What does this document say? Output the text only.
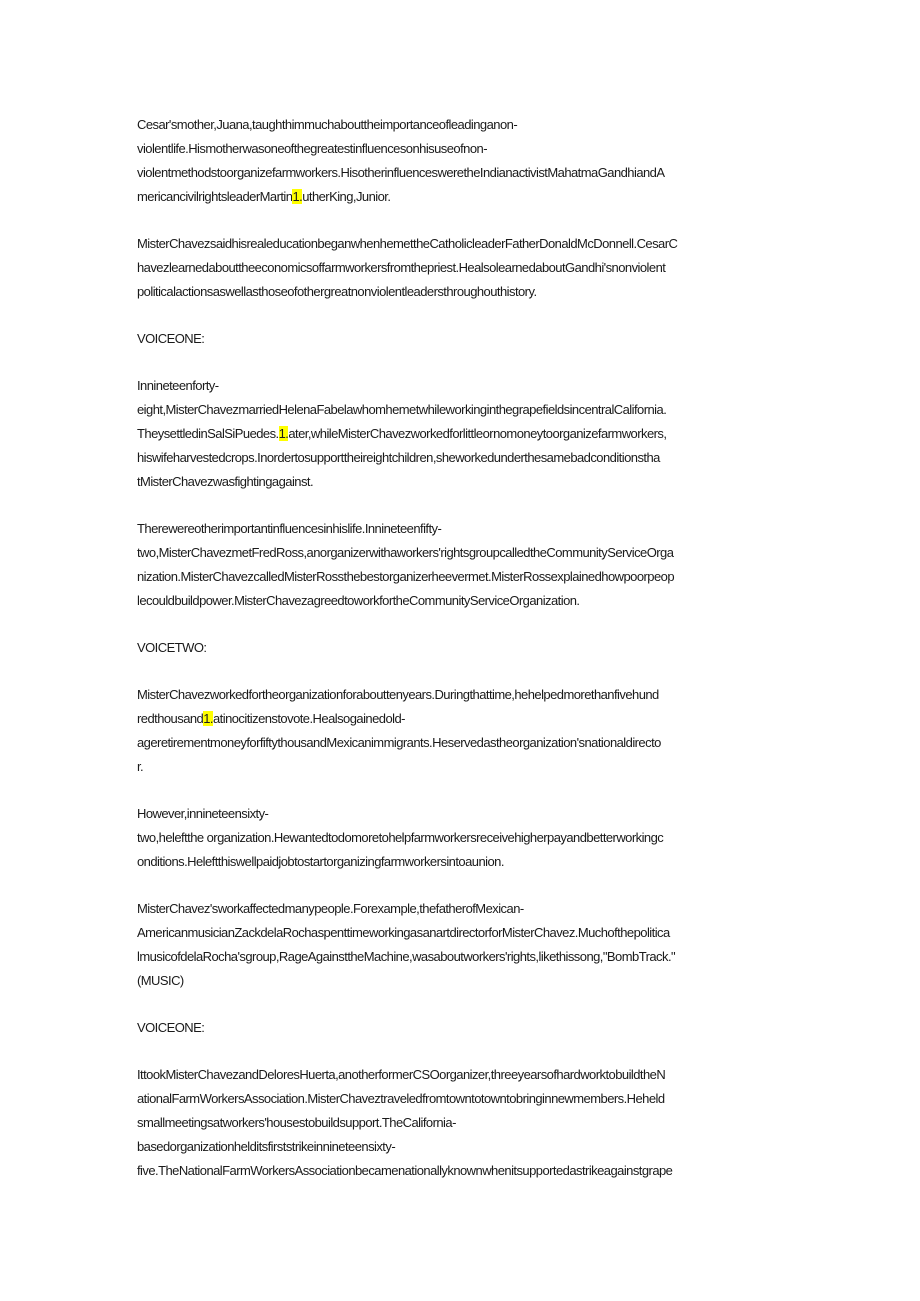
Cesar'smother,Juana,taughthimmuchabouttheimportanceofleadinganon-
violentlife.Hismotherwasoneofthegreatestinfluencesonhisuseofnon-
violentmethodstoorganizefarmworkers.HisotherinfluencesweretheIndianactivistMahatmaGandhiandA
mericancivilrightsleaderMartin1.utherKing,Junior.
MisterChavezsaidhisrealeducationbeganwhenhemettheCatholicleaderFatherDonaldMcDonnell.CesarC
havezlearnedabouttheeconomicsoffarmworkersfromthepriest.HealsolearnedaboutGandhi'snonviolent
politicalactionsaswellasthoseofothergreatnonviolentleadersthroughouthistory.
VOICEONE:
Innineteenforty-
eight,MisterChavezmarriedHelenaFabelawhomhemetwhileworkinginthegrapefieldsincentralCalifornia.
TheysettledinSalSiPuedes.1.ater,whileMisterChavezworkedforlittleornomoneytoorganizefarmworkers,
hiswifeharvestedcrops.Inordertosupporttheireightchildren,sheworkedunderthesamebadconditionstha
tMisterChavezwasfightingagainst.
Therewereotherimportantinfluencesinhislife.Innineteenfifty-
two,MisterChavezmetFredRoss,anorganizerwithaworkers'rightsgroupcalledtheCommunityServiceOrga
nization.MisterChavezcalledMisterRossthebestorganizerheevermet.MisterRossexplainedhowpoorpeop
lecouldbuildpower.MisterChavezagreedtoworkfortheCommunityServiceOrganization.
VOICETWO:
MisterChavezworkedfortheorganizationforabouttenyears.Duringthattime,hehelpedmorethanfivehund
redthousand1.atinocitizenstovote.Healsogainedold-
ageretirementmoneyforfiftythousandMexicanimmigrants.Heservedastheorganization'snationaldirecto
r.
However,innineteensixty-
two,heleftthe organization.Hewantedtodomoretohelpfarmworkersreceivehigherpayandbetterworkingc
onditions.Heleftthiswellpaidjobtostartorganizingfarmworkersintoaunion.
MisterChavez'sworkaffectedmanypeople.Forexample,thefatherofMexican-
AmericanmusicianZackdelaRochaspenttimeworkingasanartdirectorforMisterChavez.Muchofthepolitica
lmusicofdelaRocha'sgroup,RageAgainsttheMachine,wasaboutworkers'rights,likethissong,"BombTrack."
(MUSIC)
VOICEONE:
IttookMisterChavezandDeloresHuerta,anotherformerCSOorganizer,threeyearsofhardworktobuildtheN
ationalFarmWorkersAssociation.MisterChaveztraveledfromtowntotowntobringinnewmembers.Heheld
smallmeetingsatworkers'housestobuildsupport.TheCalifornia-
basedorganizationhelditsfirststrikeinnineteensixty-
five.TheNationalFarmWorkersAssociationbecamenationallyknownwhenitsupportedastrikeagainstgrape
